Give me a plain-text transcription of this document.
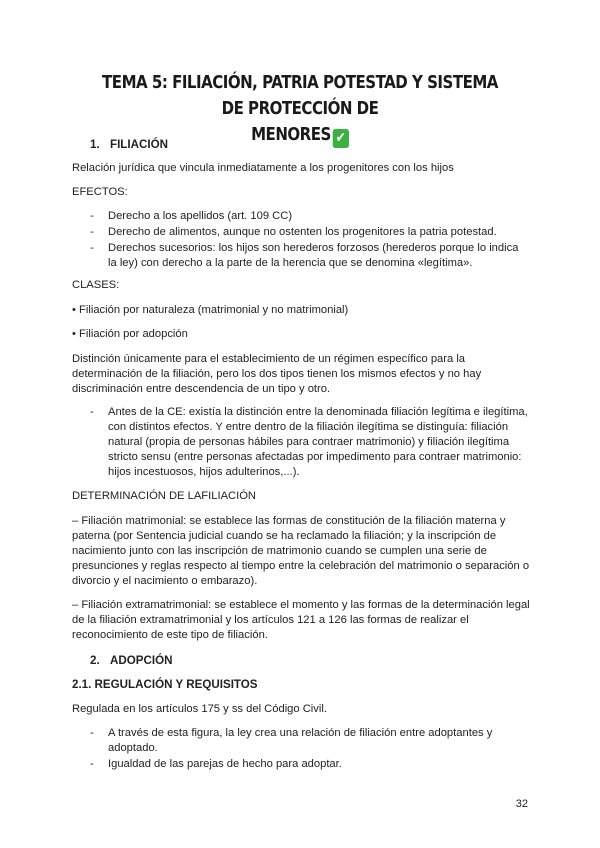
TEMA 5: FILIACIÓN, PATRIA POTESTAD Y SISTEMA DE PROTECCIÓN DE
MENORES ✔
1. FILIACIÓN
Relación jurídica que vincula inmediatamente a los progenitores con los hijos
EFECTOS:
- Derecho a los apellidos (art. 109 CC)
- Derecho de alimentos, aunque no ostenten los progenitores la patria potestad.
- Derechos sucesorios: los hijos son herederos forzosos (herederos porque lo indica la ley) con derecho a la parte de la herencia que se denomina «legítima».
CLASES:
• Filiación por naturaleza (matrimonial y no matrimonial)
• Filiación por adopción
Distinción únicamente para el establecimiento de un régimen específico para la determinación de la filiación, pero los dos tipos tienen los mismos efectos y no hay discriminación entre descendencia de un tipo y otro.
- Antes de la CE: existía la distinción entre la denominada filiación legítima e ilegítima, con distintos efectos. Y entre dentro de la filiación ilegítima se distinguía: filiación natural (propia de personas hábiles para contraer matrimonio) y filiación ilegítima stricto sensu (entre personas afectadas por impedimento para contraer matrimonio: hijos incestuosos, hijos adulterinos,...).
DETERMINACIÓN DE LAFILIACIÓN
– Filiación matrimonial: se establece las formas de constitución de la filiación materna y paterna (por Sentencia judicial cuando se ha reclamado la filiación; y la inscripción de nacimiento junto con las inscripción de matrimonio cuando se cumplen una serie de presunciones y reglas respecto al tiempo entre la celebración del matrimonio o separación o divorcio y el nacimiento o embarazo).
– Filiación extramatrimonial: se establece el momento y las formas de la determinación legal de la filiación extramatrimonial y los artículos 121 a 126 las formas de realizar el reconocimiento de este tipo de filiación.
2. ADOPCIÓN
2.1. REGULACIÓN Y REQUISITOS
Regulada en los artículos 175 y ss del Código Civil.
- A través de esta figura, la ley crea una relación de filiación entre adoptantes y adoptado.
- Igualdad de las parejas de hecho para adoptar.
32
